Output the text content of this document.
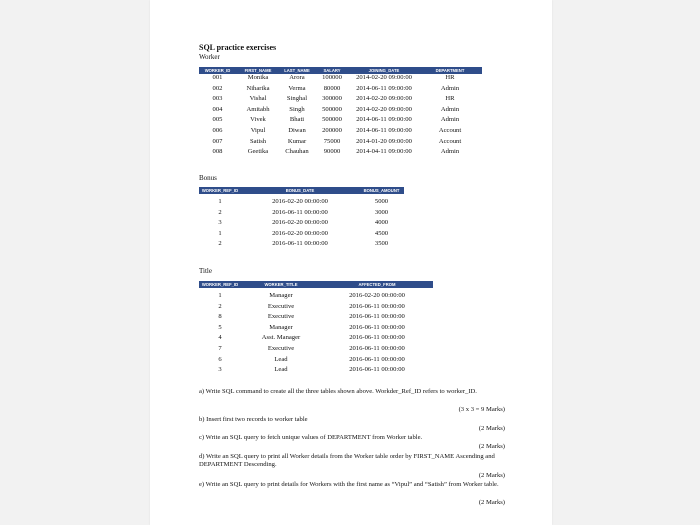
SQL practice exercises
Worker
WORKER_ID	FIRST_NAME	LAST_NAME	SALARY	JOINING_DATE	DEPARTMENT
001	Monika	Arora	100000	2014-02-20 09:00:00	HR
002	Niharika	Verma	80000	2014-06-11 09:00:00	Admin
003	Vishal	Singhal	300000	2014-02-20 09:00:00	HR
004	Amitabh	Singh	500000	2014-02-20 09:00:00	Admin
005	Vivek	Bhati	500000	2014-06-11 09:00:00	Admin
006	Vipul	Diwan	200000	2014-06-11 09:00:00	Account
007	Satish	Kumar	75000	2014-01-20 09:00:00	Account
008	Geetika	Chauhan	90000	2014-04-11 09:00:00	Admin
Bonus
WORKER_REF_ID	BONUS_DATE	BONUS_AMOUNT
1	2016-02-20 00:00:00	5000
2	2016-06-11 00:00:00	3000
3	2016-02-20 00:00:00	4000
1	2016-02-20 00:00:00	4500
2	2016-06-11 00:00:00	3500
Title
WORKER_REF_ID	WORKER_TITLE	AFFECTED_FROM
1	Manager	2016-02-20 00:00:00
2	Executive	2016-06-11 00:00:00
8	Executive	2016-06-11 00:00:00
5	Manager	2016-06-11 00:00:00
4	Asst. Manager	2016-06-11 00:00:00
7	Executive	2016-06-11 00:00:00
6	Lead	2016-06-11 00:00:00
3	Lead	2016-06-11 00:00:00
a) Write SQL command to create all the three tables shown above. Workder_Ref_ID refers to worker_ID.
(3 x 3 = 9 Marks)
b) Insert first two records to worker table
(2 Marks)
c) Write an SQL query to fetch unique values of DEPARTMENT from Worker table.
(2 Marks)
d) Write an SQL query to print all Worker details from the Worker table order by FIRST_NAME Ascending and DEPARTMENT Descending.
(2 Marks)
e) Write an SQL query to print details for Workers with the first name as “Vipul” and “Satish” from Worker table.
(2 Marks)
